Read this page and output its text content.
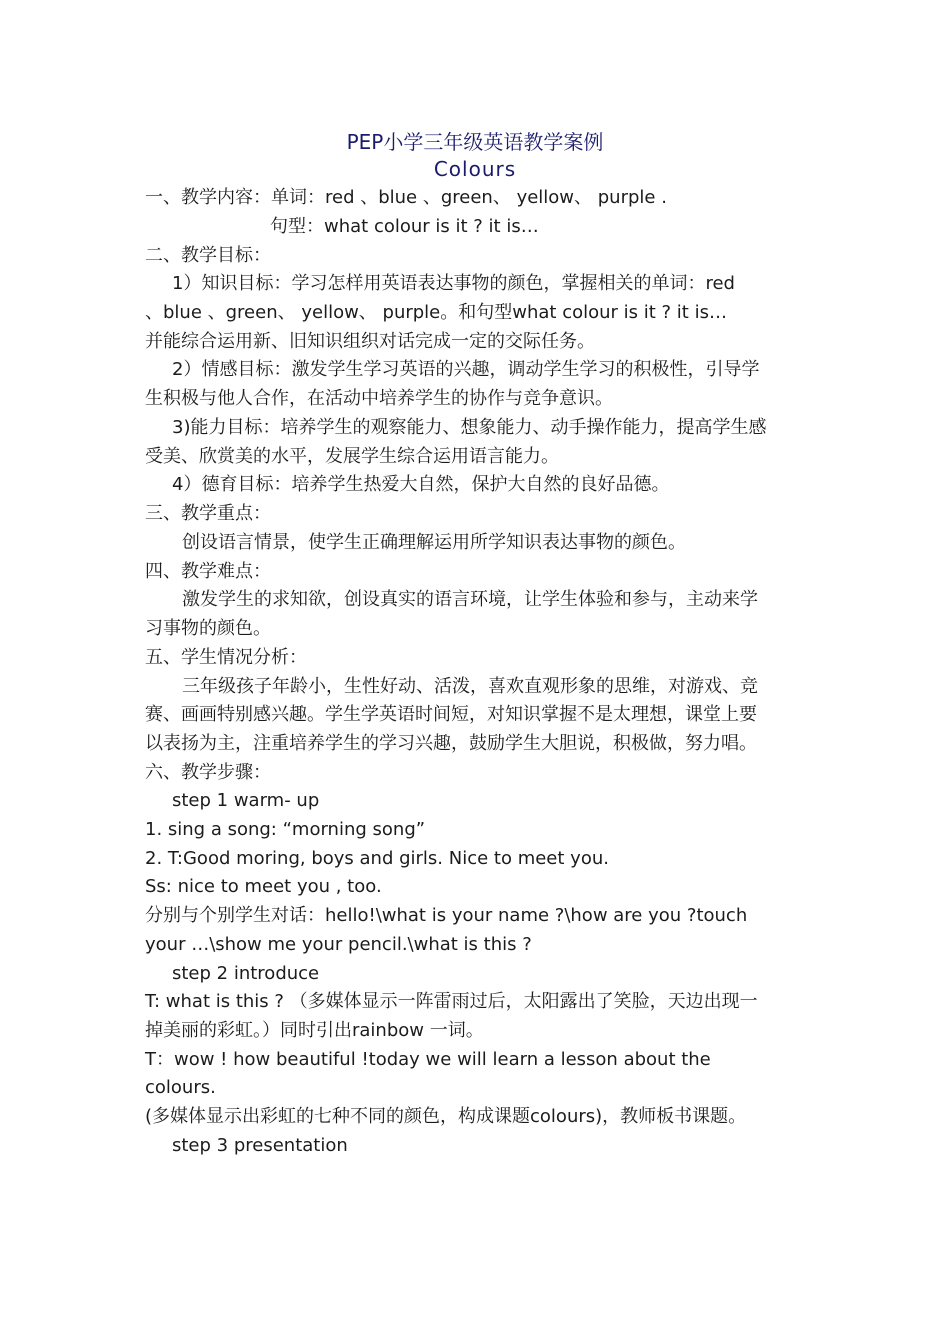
PEP小学三年级英语教学案例
Colours
一、教学内容：单词：red 、blue 、green、 yellow、 purple .
句型：what colour is it ? it is…
二、教学目标：
1）知识目标：学习怎样用英语表达事物的颜色，掌握相关的单词：red
、blue 、green、 yellow、 purple。和句型what colour is it ? it is…
并能综合运用新、旧知识组织对话完成一定的交际任务。
2）情感目标：激发学生学习英语的兴趣，调动学生学习的积极性，引导学
生积极与他人合作，在活动中培养学生的协作与竞争意识。
3)能力目标：培养学生的观察能力、想象能力、动手操作能力，提高学生感
受美、欣赏美的水平，发展学生综合运用语言能力。
4）德育目标：培养学生热爱大自然，保护大自然的良好品德。
三、教学重点：
创设语言情景，使学生正确理解运用所学知识表达事物的颜色。
四、教学难点：
激发学生的求知欲，创设真实的语言环境，让学生体验和参与，主动来学
习事物的颜色。
五、学生情况分析：
三年级孩子年龄小，生性好动、活泼，喜欢直观形象的思维，对游戏、竞
赛、画画特别感兴趣。学生学英语时间短，对知识掌握不是太理想，课堂上要
以表扬为主，注重培养学生的学习兴趣，鼓励学生大胆说，积极做，努力唱。
六、教学步骤：
step 1 warm- up
1. sing a song: “morning song”
2. T:Good moring, boys and girls. Nice to meet you.
Ss: nice to meet you , too.
分别与个别学生对话：hello!\what is your name ?\how are you ?touch
your …\show me your pencil.\what is this ?
step 2 introduce
T: what is this ? （多媒体显示一阵雷雨过后，太阳露出了笑脸，天边出现一
掉美丽的彩虹。）同时引出rainbow 一词。
T：wow ! how beautiful !today we will learn a lesson about the
colours.
(多媒体显示出彩虹的七种不同的颜色，构成课题colours)，教师板书课题。
step 3 presentation
